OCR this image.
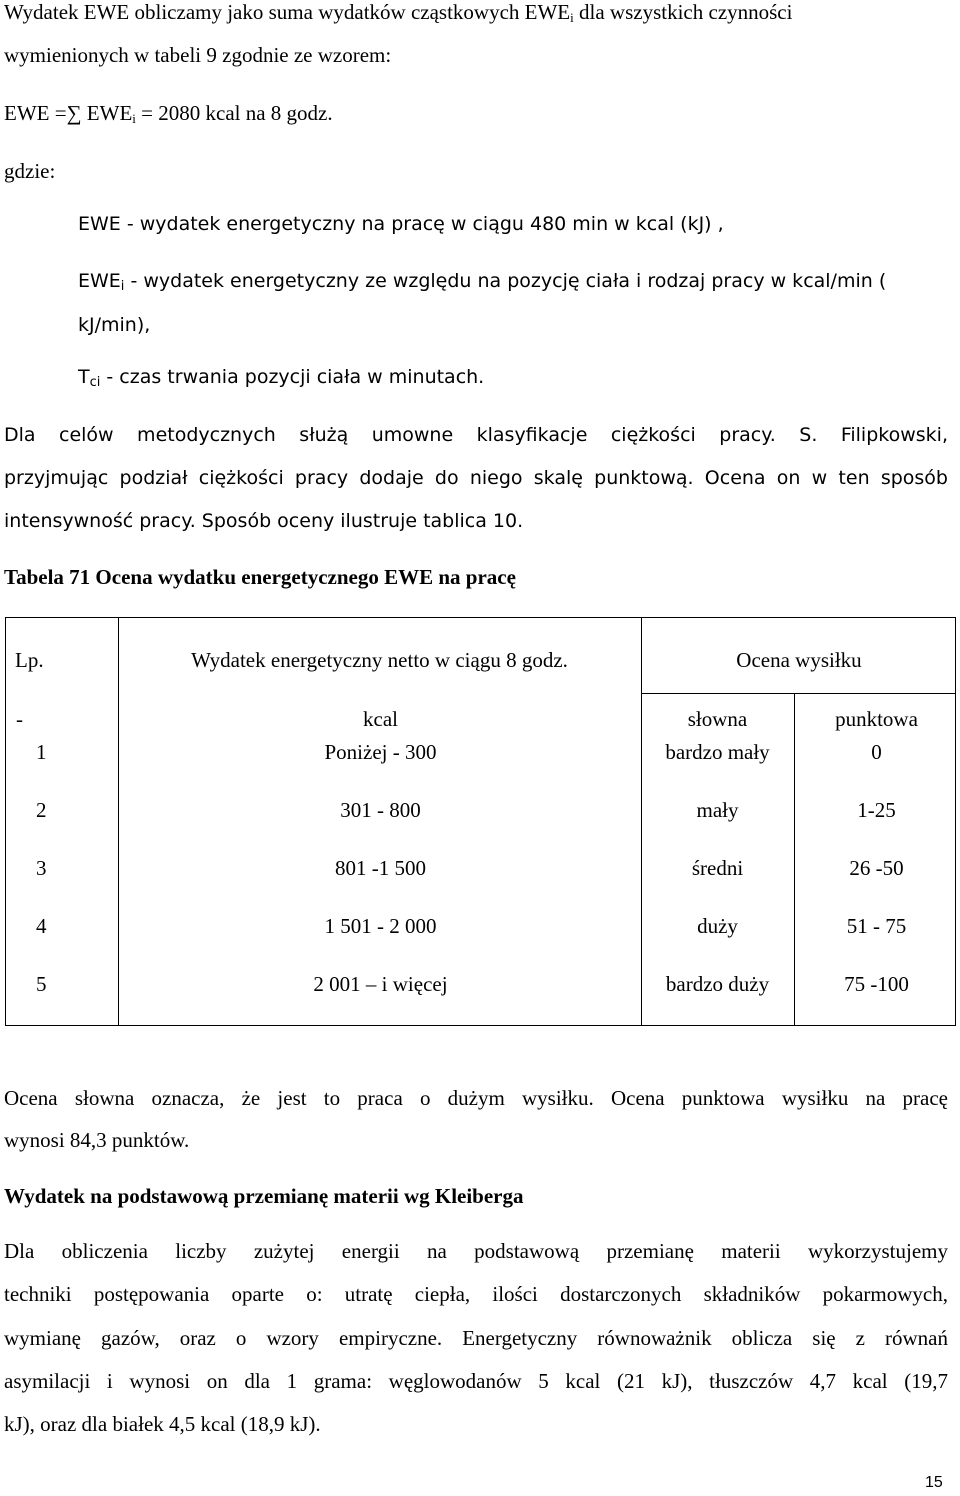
Wydatek EWE obliczamy jako suma wydatków cząstkowych $EWE_i$ dla wszystkich czynności
wymienionych w tabeli 9 zgodnie ze wzorem:
EWE =∑ $EWE_i = 2080$ kcal na 8 godz.
gdzie:
EWE - wydatek energetyczny na pracę w ciągu 480 min w kcal (kJ) ,
$EWE_i$ - wydatek energetyczny ze względu na pozycję ciała i rodzaj pracy w kcal/min (
kJ/min),
$T_{ci}$ - czas trwania pozycji ciała w minutach.
Dla celów metodycznych służą umowne klasyfikacje ciężkości pracy. S. Filipkowski,
przyjmując podział ciężkości pracy dodaje do niego skalę punktową. Ocena on w ten sposób
intensywność pracy. Sposób oceny ilustruje tablica 10.
Tabela 71 Ocena wydatku energetycznego EWE na pracę
Lp.	Wydatek energetyczny netto w ciągu 8 godz.	Ocena wysiłku
-	kcal	słowna	punktowa
1	Poniżej - 300	bardzo mały	0
2	301 - 800	mały	1-25
3	801 -1 500	średni	26 -50
4	1 501 - 2 000	duży	51 - 75
5	2 001 – i więcej	bardzo duży	75 -100
Ocena słowna oznacza, że jest to praca o dużym wysiłku. Ocena punktowa wysiłku na pracę
wynosi 84,3 punktów.
Wydatek na podstawową przemianę materii wg Kleiberga
Dla obliczenia liczby zużytej energii na podstawową przemianę materii wykorzystujemy
techniki postępowania oparte o: utratę ciepła, ilości dostarczonych składników pokarmowych,
wymianę gazów, oraz o wzory empiryczne. Energetyczny równoważnik oblicza się z równań
asymilacji i wynosi on dla 1 grama: węglowodanów 5 kcal (21 kJ), tłuszczów 4,7 kcal (19,7
kJ), oraz dla białek 4,5 kcal (18,9 kJ).
15
